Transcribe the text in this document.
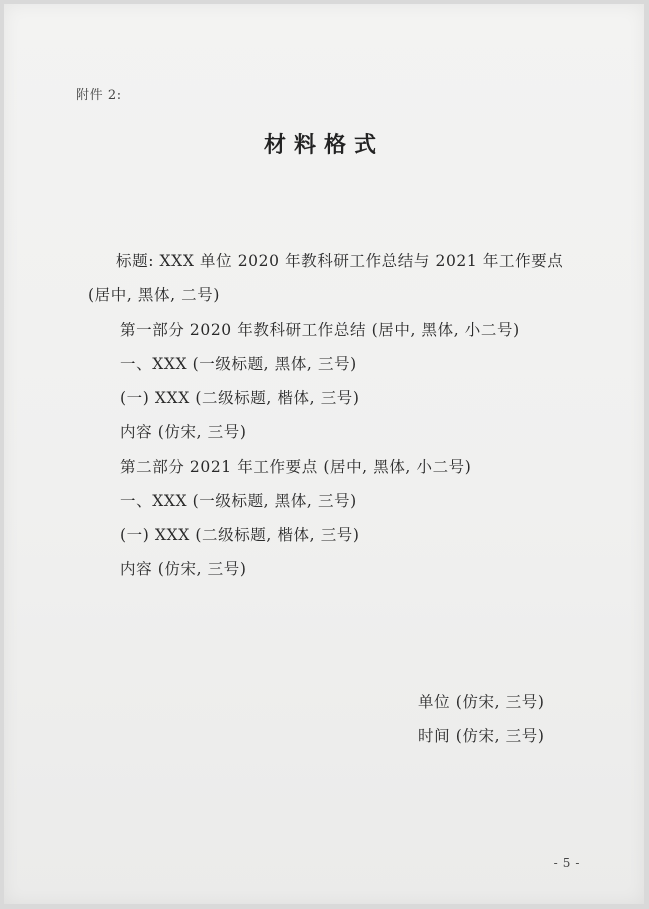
附件 2:
材料格式
标题: XXX 单位 2020 年教科研工作总结与 2021 年工作要点
(居中, 黑体, 二号)
第一部分 2020 年教科研工作总结 (居中, 黑体, 小二号)
一、XXX (一级标题, 黑体, 三号)
(一) XXX (二级标题, 楷体, 三号)
内容 (仿宋, 三号)
第二部分 2021 年工作要点 (居中, 黑体, 小二号)
一、XXX (一级标题, 黑体, 三号)
(一) XXX (二级标题, 楷体, 三号)
内容 (仿宋, 三号)
单位 (仿宋, 三号)
时间 (仿宋, 三号)
- 5 -
